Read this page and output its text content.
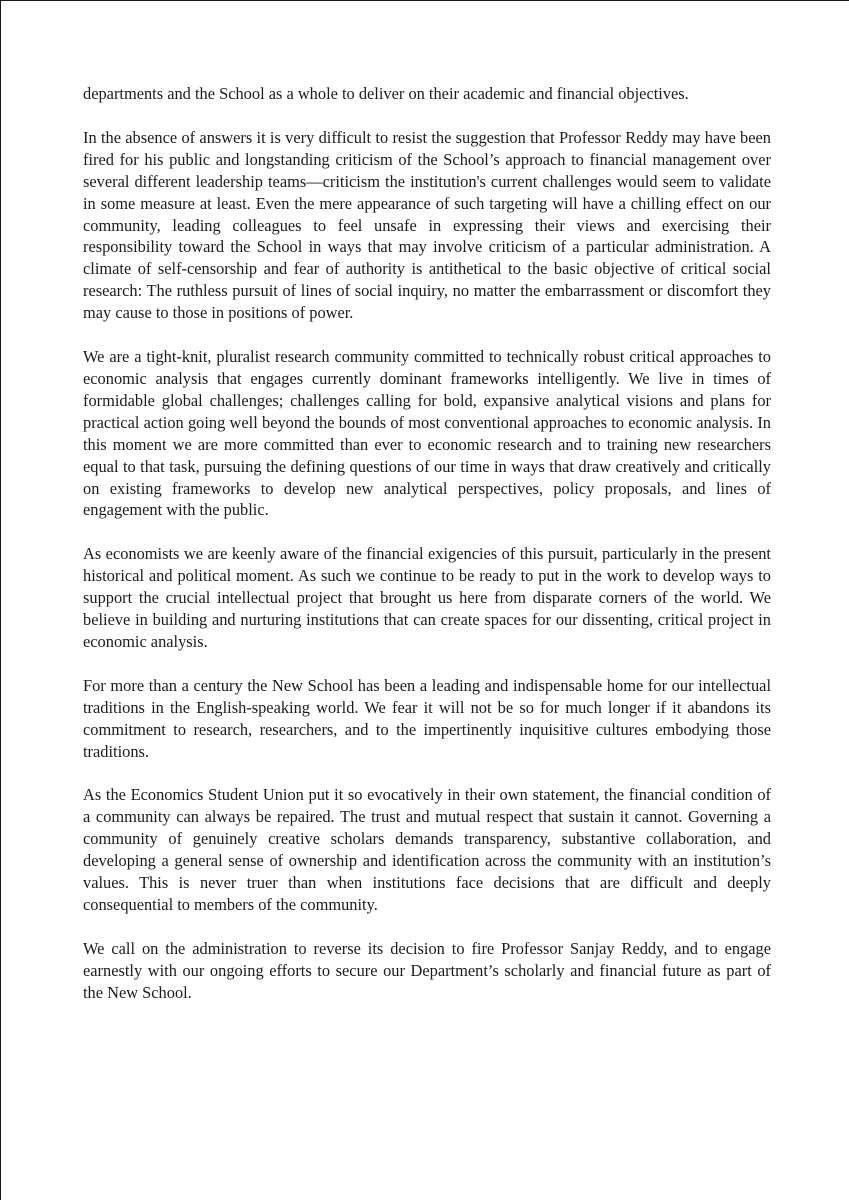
departments and the School as a whole to deliver on their academic and financial objectives.

In the absence of answers it is very difficult to resist the suggestion that Professor Reddy may have been fired for his public and longstanding criticism of the School’s approach to financial management over several different leadership teams—criticism the institution's current challenges would seem to validate in some measure at least. Even the mere appearance of such targeting will have a chilling effect on our community, leading colleagues to feel unsafe in expressing their views and exercising their responsibility toward the School in ways that may involve criticism of a particular administration. A climate of self-censorship and fear of authority is antithetical to the basic objective of critical social research: The ruthless pursuit of lines of social inquiry, no matter the embarrassment or discomfort they may cause to those in positions of power.

We are a tight-knit, pluralist research community committed to technically robust critical approaches to economic analysis that engages currently dominant frameworks intelligently. We live in times of formidable global challenges; challenges calling for bold, expansive analytical visions and plans for practical action going well beyond the bounds of most conventional approaches to economic analysis. In this moment we are more committed than ever to economic research and to training new researchers equal to that task, pursuing the defining questions of our time in ways that draw creatively and critically on existing frameworks to develop new analytical perspectives, policy proposals, and lines of engagement with the public.

As economists we are keenly aware of the financial exigencies of this pursuit, particularly in the present historical and political moment. As such we continue to be ready to put in the work to develop ways to support the crucial intellectual project that brought us here from disparate corners of the world. We believe in building and nurturing institutions that can create spaces for our dissenting, critical project in economic analysis.

For more than a century the New School has been a leading and indispensable home for our intellectual traditions in the English-speaking world. We fear it will not be so for much longer if it abandons its commitment to research, researchers, and to the impertinently inquisitive cultures embodying those traditions.

As the Economics Student Union put it so evocatively in their own statement, the financial condition of a community can always be repaired. The trust and mutual respect that sustain it cannot. Governing a community of genuinely creative scholars demands transparency, substantive collaboration, and developing a general sense of ownership and identification across the community with an institution’s values. This is never truer than when institutions face decisions that are difficult and deeply consequential to members of the community.

We call on the administration to reverse its decision to fire Professor Sanjay Reddy, and to engage earnestly with our ongoing efforts to secure our Department’s scholarly and financial future as part of the New School.
